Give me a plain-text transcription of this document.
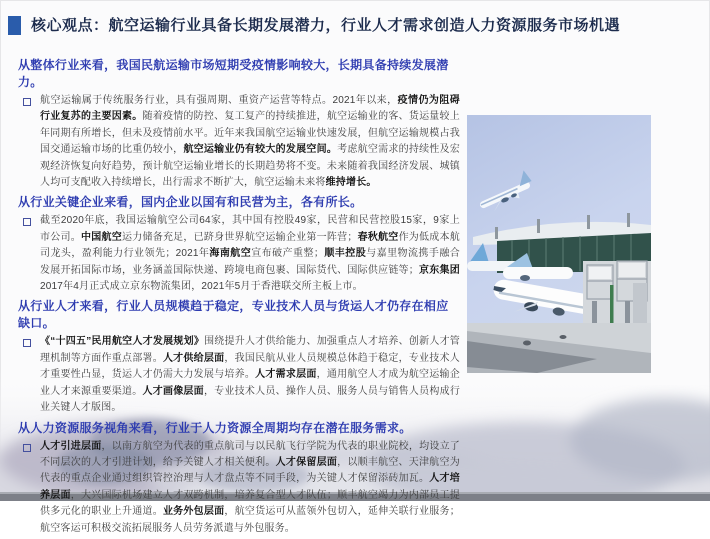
核心观点：航空运输行业具备长期发展潜力，行业人才需求创造人力资源服务市场机遇
从整体行业来看，我国民航运输市场短期受疫情影响较大，长期具备持续发展潜力。

航空运输属于传统服务行业，具有强周期、重资产运营等特点。2021年以来，疫情仍为阻碍行业复苏的主要因素。随着疫情的防控、复工复产的持续推进，航空运输业的客、货运量较上年同期有所增长，但未及疫情前水平。近年来我国航空运输业快速发展，但航空运输规模占我国交通运输市场的比重仍较小，航空运输业仍有较大的发展空间。考虑航空需求的持续性及宏观经济恢复向好趋势，预计航空运输业增长的长期趋势将不变。未来随着我国经济发展、城镇人均可支配收入持续增长，出行需求不断扩大，航空运输未来将维持增长。

从行业关键企业来看，国内企业以国有和民营为主，各有所长。

截至2020年底，我国运输航空公司64家，其中国有控股49家，民营和民营控股15家，9家上市公司。中国航空运力储备充足，已跻身世界航空运输企业第一阵营；春秋航空作为低成本航司龙头，盈利能力行业领先；2021年海南航空宣布破产重整；顺丰控股与嘉里物流携手融合发展开拓国际市场，业务涵盖国际快递、跨境电商包裹、国际货代、国际供应链等；京东集团2017年4月正式成立京东物流集团，2021年5月于香港联交所主板上市。

从行业人才来看，行业人员规模趋于稳定，专业技术人员与货运人才仍存在相应缺口。

《“十四五”民用航空人才发展规划》围绕提升人才供给能力、加强重点人才培养、创新人才管理机制等方面作重点部署。人才供给层面，我国民航从业人员规模总体趋于稳定，专业技术人才重要性凸显，货运人才仍需大力发展与培养。人才需求层面，通用航空人才成为航空运输企业人才来源重要渠道。人才画像层面，专业技术人员、操作人员、服务人员与销售人员构成行业关键人才版图。

从人力资源服务视角来看，行业于人力资源全周期均存在潜在服务需求。

人才引进层面，以南方航空为代表的重点航司与以民航飞行学院为代表的职业院校，均设立了不同层次的人才引进计划，给予关键人才相关便利。人才保留层面，以顺丰航空、天津航空为代表的重点企业通过组织管控治理与人才盘点等不同手段，为关键人才保留添砖加瓦。人才培养层面，大兴国际机场建立人才双跨机制，培养复合型人才队伍；顺丰航空竭力为内部员工提供多元化的职业上升通道。业务外包层面，航空货运可从蓝领外包切入，延伸关联行业服务；航空客运可积极交流拓展服务人员劳务派遣与外包服务。
